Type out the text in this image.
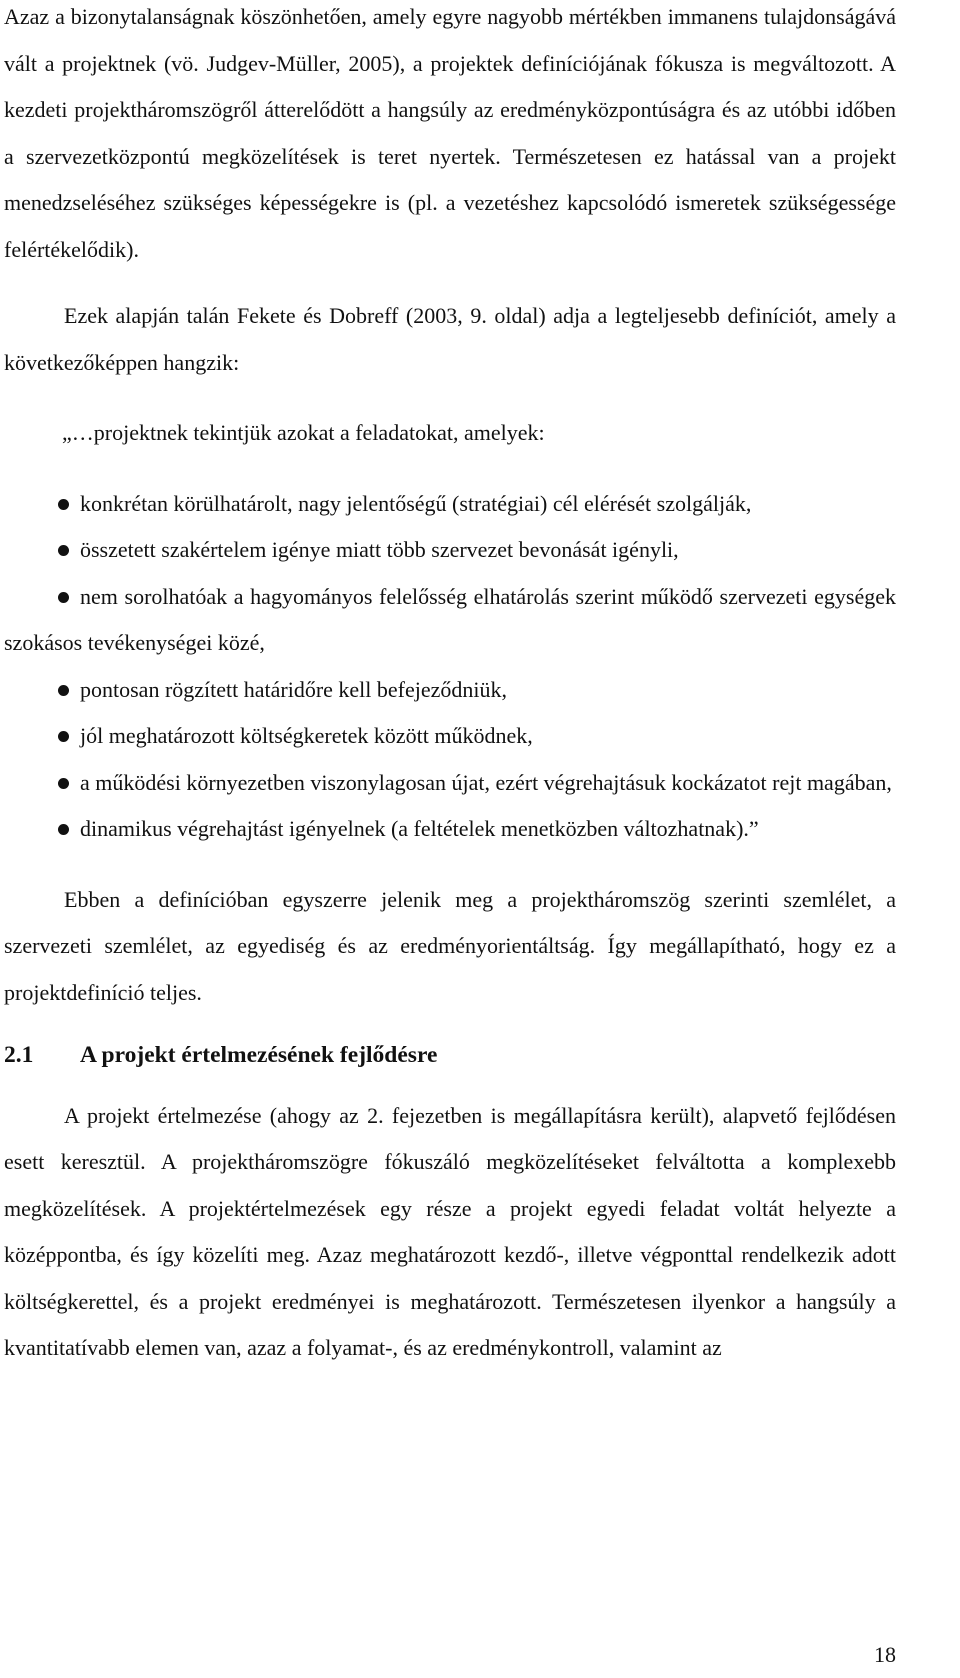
Azaz a bizonytalanságnak köszönhetően, amely egyre nagyobb mértékben immanens tulajdonságává vált a projektnek (vö. Judgev-Müller, 2005), a projektek definíciójának fókusza is megváltozott. A kezdeti projektháromszögről átterelődött a hangsúly az eredményközpontúságra és az utóbbi időben a szervezetközpontú megközelítések is teret nyertek. Természetesen ez hatással van a projekt menedzseléséhez szükséges képességekre is (pl. a vezetéshez kapcsolódó ismeretek szükségessége felértékelődik).

Ezek alapján talán Fekete és Dobreff (2003, 9. oldal) adja a legteljesebb definíciót, amely a következőképpen hangzik:

„…projektnek tekintjük azokat a feladatokat, amelyek:

konkrétan körülhatárolt, nagy jelentőségű (stratégiai) cél elérését szolgálják,
összetett szakértelem igénye miatt több szervezet bevonását igényli,
nem sorolhatóak a hagyományos felelősség elhatárolás szerint működő szervezeti egységek szokásos tevékenységei közé,
pontosan rögzített határidőre kell befejeződniük,
jól meghatározott költségkeretek között működnek,
a működési környezetben viszonylagosan újat, ezért végrehajtásuk kockázatot rejt magában,
dinamikus végrehajtást igényelnek (a feltételek menetközben változhatnak).”

Ebben a definícióban egyszerre jelenik meg a projektháromszög szerinti szemlélet, a szervezeti szemlélet, az egyediség és az eredményorientáltság. Így megállapítható, hogy ez a projektdefiníció teljes.

2.1 A projekt értelmezésének fejlődésre

A projekt értelmezése (ahogy az 2. fejezetben is megállapításra került), alapvető fejlődésen esett keresztül. A projektháromszögre fókuszáló megközelítéseket felváltotta a komplexebb megközelítések. A projektértelmezések egy része a projekt egyedi feladat voltát helyezte a középpontba, és így közelíti meg. Azaz meghatározott kezdő-, illetve végponttal rendelkezik adott költségkerettel, és a projekt eredményei is meghatározott. Természetesen ilyenkor a hangsúly a kvantitatívabb elemen van, azaz a folyamat-, és az eredménykontroll, valamint az

18
